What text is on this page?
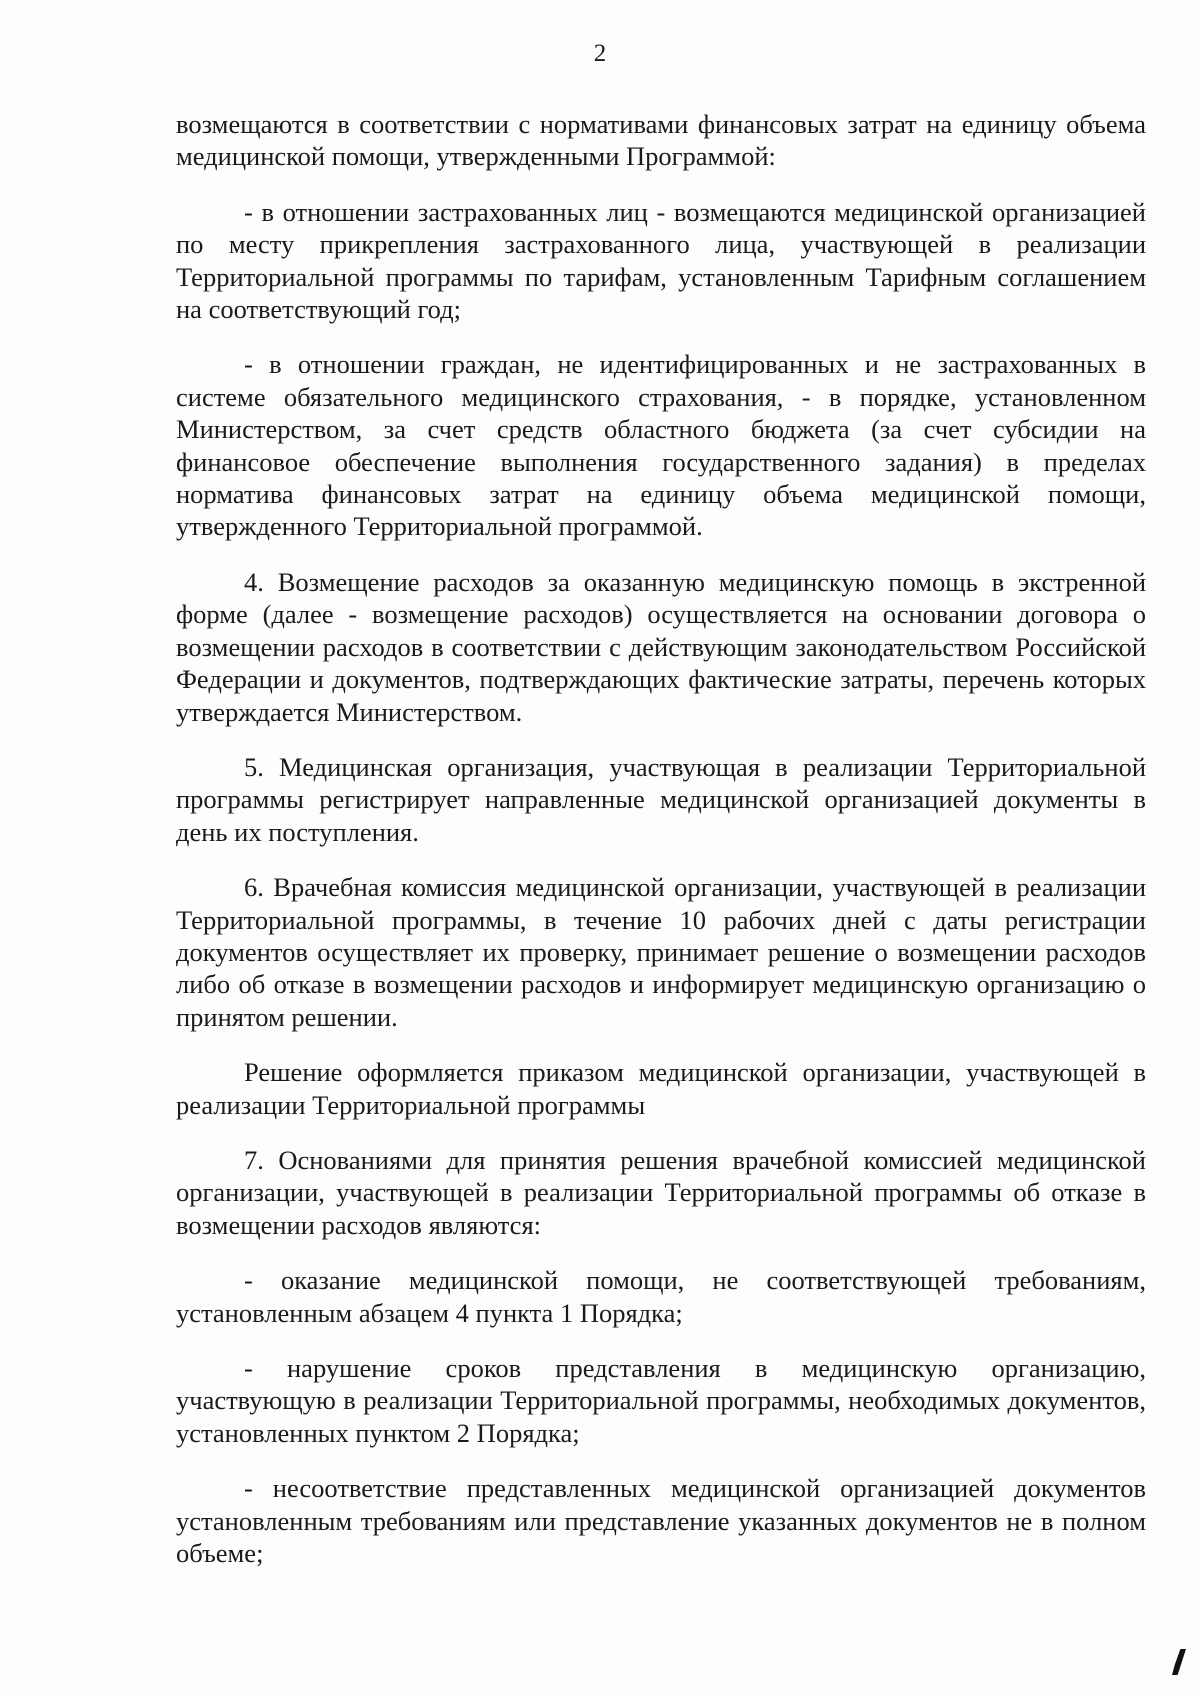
2

возмещаются в соответствии с нормативами финансовых затрат на единицу объема медицинской помощи, утвержденными Программой:

- в отношении застрахованных лиц - возмещаются медицинской организацией по месту прикрепления застрахованного лица, участвующей в реализации Территориальной программы по тарифам, установленным Тарифным соглашением на соответствующий год;

- в отношении граждан, не идентифицированных и не застрахованных в системе обязательного медицинского страхования, - в порядке, установленном Министерством, за счет средств областного бюджета (за счет субсидии на финансовое обеспечение выполнения государственного задания) в пределах норматива финансовых затрат на единицу объема медицинской помощи, утвержденного Территориальной программой.

4. Возмещение расходов за оказанную медицинскую помощь в экстренной форме (далее - возмещение расходов) осуществляется на основании договора о возмещении расходов в соответствии с действующим законодательством Российской Федерации и документов, подтверждающих фактические затраты, перечень которых утверждается Министерством.

5. Медицинская организация, участвующая в реализации Территориальной программы регистрирует направленные медицинской организацией документы в день их поступления.

6. Врачебная комиссия медицинской организации, участвующей в реализации Территориальной программы, в течение 10 рабочих дней с даты регистрации документов осуществляет их проверку, принимает решение о возмещении расходов либо об отказе в возмещении расходов и информирует медицинскую организацию о принятом решении.

Решение оформляется приказом медицинской организации, участвующей в реализации Территориальной программы

7. Основаниями для принятия решения врачебной комиссией медицинской организации, участвующей в реализации Территориальной программы об отказе в возмещении расходов являются:

- оказание медицинской помощи, не соответствующей требованиям, установленным абзацем 4 пункта 1 Порядка;

- нарушение сроков представления в медицинскую организацию, участвующую в реализации Территориальной программы, необходимых документов, установленных пунктом 2 Порядка;

- несоответствие представленных медицинской организацией документов установленным требованиям или представление указанных документов не в полном объеме;
